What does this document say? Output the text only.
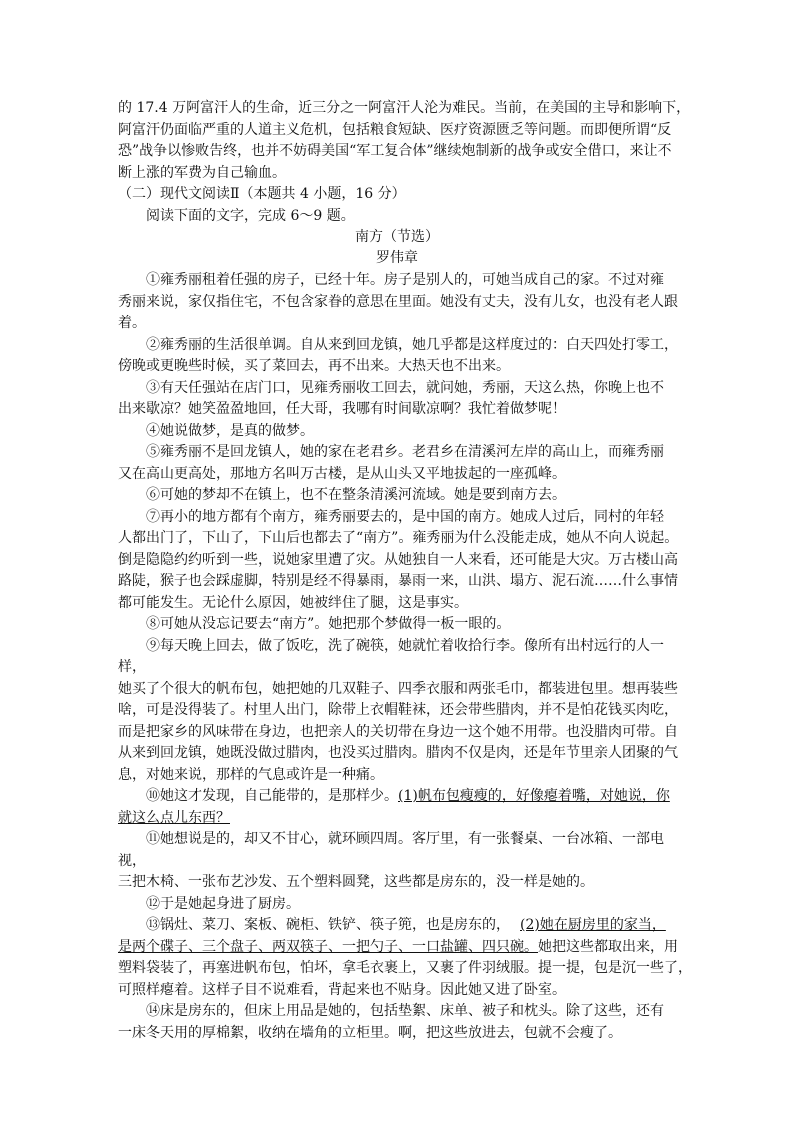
的 17.4 万阿富汗人的生命，近三分之一阿富汗人沦为难民。当前，在美国的主导和影响下，
阿富汗仍面临严重的人道主义危机，包括粮食短缺、医疗资源匮乏等问题。而即便所谓“反
恐”战争以惨败告终，也并不妨碍美国“军工复合体”继续炮制新的战争或安全借口，来让不
断上涨的军费为自己输血。
（二）现代文阅读Ⅱ（本题共 4 小题，16 分）
阅读下面的文字，完成 6～9 题。
南方（节选）
罗伟章
①雍秀丽租着任强的房子，已经十年。房子是别人的，可她当成自己的家。不过对雍
秀丽来说，家仅指住宅，不包含家眷的意思在里面。她没有丈夫，没有儿女，也没有老人跟
着。
②雍秀丽的生活很单调。自从来到回龙镇，她几乎都是这样度过的：白天四处打零工，
傍晚或更晚些时候，买了菜回去，再不出来。大热天也不出来。
③有天任强站在店门口，见雍秀丽收工回去，就问她，秀丽，天这么热，你晚上也不
出来歇凉？她笑盈盈地回，任大哥，我哪有时间歇凉啊？我忙着做梦呢！
④她说做梦，是真的做梦。
⑤雍秀丽不是回龙镇人，她的家在老君乡。老君乡在清溪河左岸的高山上，而雍秀丽
又在高山更高处，那地方名叫万古楼，是从山头又平地拔起的一座孤峰。
⑥可她的梦却不在镇上，也不在整条清溪河流域。她是要到南方去。
⑦再小的地方都有个南方，雍秀丽要去的，是中国的南方。她成人过后，同村的年轻
人都出门了，下山了，下山后也都去了“南方”。雍秀丽为什么没能走成，她从不向人说起。
倒是隐隐约约听到一些，说她家里遭了灾。从她独自一人来看，还可能是大灾。万古楼山高
路陡，猴子也会踩虚脚，特别是经不得暴雨，暴雨一来，山洪、塌方、泥石流……什么事情
都可能发生。无论什么原因，她被绊住了腿，这是事实。
⑧可她从没忘记要去“南方”。她把那个梦做得一板一眼的。
⑨每天晚上回去，做了饭吃，洗了碗筷，她就忙着收拾行李。像所有出村远行的人一
样，
她买了个很大的帆布包，她把她的几双鞋子、四季衣服和两张毛巾，都装进包里。想再装些
啥，可是没得装了。村里人出门，除带上衣帽鞋袜，还会带些腊肉，并不是怕花钱买肉吃，
而是把家乡的风味带在身边，也把亲人的关切带在身边一这个她不用带。也没腊肉可带。自
从来到回龙镇，她既没做过腊肉，也没买过腊肉。腊肉不仅是肉，还是年节里亲人团聚的气
息，对她来说，那样的气息或许是一种痛。
⑩她这才发现，自己能带的，是那样少。(1)帆布包瘦瘦的，好像瘪着嘴，对她说，你
就这么点儿东西？
⑪她想说是的，却又不甘心，就环顾四周。客厅里，有一张餐桌、一台冰箱、一部电
视，
三把木椅、一张布艺沙发、五个塑料圆凳，这些都是房东的，没一样是她的。
⑫于是她起身进了厨房。
⑬锅灶、菜刀、案板、碗柜、铁铲、筷子篼，也是房东的， (2)她在厨房里的家当，
是两个碟子、三个盘子、两双筷子、一把勺子、一口盐罐、四只碗。她把这些都取出来，用
塑料袋装了，再塞进帆布包，怕坏，拿毛衣裹上，又裹了件羽绒服。提一提，包是沉一些了，
可照样瘪着。这样子目不说难看，背起来也不贴身。因此她又进了卧室。
⑭床是房东的，但床上用品是她的，包括垫絮、床单、被子和枕头。除了这些，还有
一床冬天用的厚棉絮，收纳在墙角的立柜里。啊，把这些放进去，包就不会瘦了。
